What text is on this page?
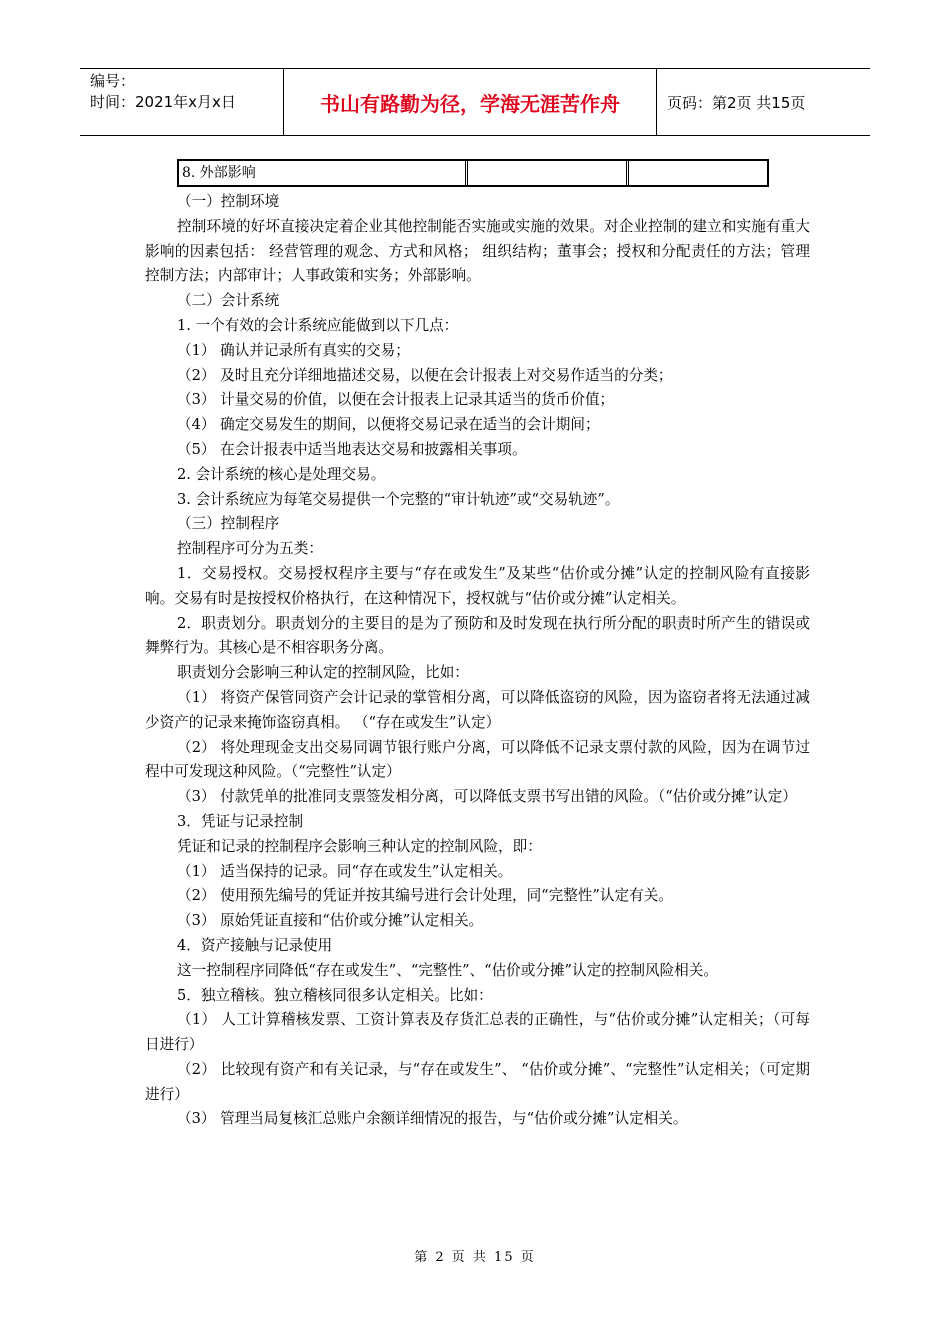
编号：
时间：2021年x月x日	书山有路勤为径，学海无涯苦作舟	页码：第2页 共15页
8. 外部影响

（一）控制环境

控制环境的好坏直接决定着企业其他控制能否实施或实施的效果。对企业控制的建立和实施有重大影响的因素包括： 经营管理的观念、方式和风格； 组织结构；董事会；授权和分配责任的方法；管理控制方法；内部审计；人事政策和实务；外部影响。

（二）会计系统

1. 一个有效的会计系统应能做到以下几点：

（1） 确认并记录所有真实的交易；

（2） 及时且充分详细地描述交易，以便在会计报表上对交易作适当的分类；

（3） 计量交易的价值，以便在会计报表上记录其适当的货币价值；

（4） 确定交易发生的期间，以便将交易记录在适当的会计期间；

（5） 在会计报表中适当地表达交易和披露相关事项。

2. 会计系统的核心是处理交易。

3. 会计系统应为每笔交易提供一个完整的“审计轨迹”或“交易轨迹”。

（三）控制程序

控制程序可分为五类：

1．交易授权。交易授权程序主要与“存在或发生”及某些“估价或分摊”认定的控制风险有直接影响。交易有时是按授权价格执行，在这种情况下，授权就与“估价或分摊”认定相关。

2．职责划分。职责划分的主要目的是为了预防和及时发现在执行所分配的职责时所产生的错误或舞弊行为。其核心是不相容职务分离。

职责划分会影响三种认定的控制风险，比如：

（1） 将资产保管同资产会计记录的掌管相分离，可以降低盗窃的风险，因为盗窃者将无法通过减少资产的记录来掩饰盗窃真相。 （“存在或发生”认定）

（2） 将处理现金支出交易同调节银行账户分离，可以降低不记录支票付款的风险，因为在调节过程中可发现这种风险。（“完整性”认定）

（3） 付款凭单的批准同支票签发相分离，可以降低支票书写出错的风险。（“估价或分摊”认定）

3．凭证与记录控制

凭证和记录的控制程序会影响三种认定的控制风险，即：

（1） 适当保持的记录。同“存在或发生”认定相关。

（2） 使用预先编号的凭证并按其编号进行会计处理，同“完整性”认定有关。

（3） 原始凭证直接和“估价或分摊”认定相关。

4．资产接触与记录使用

这一控制程序同降低“存在或发生”、“完整性”、“估价或分摊”认定的控制风险相关。

5．独立稽核。独立稽核同很多认定相关。比如：

（1） 人工计算稽核发票、工资计算表及存货汇总表的正确性，与“估价或分摊”认定相关；（可每日进行）

（2） 比较现有资产和有关记录，与“存在或发生”、 “估价或分摊”、“完整性”认定相关；（可定期进行）

（3） 管理当局复核汇总账户余额详细情况的报告，与“估价或分摊”认定相关。

第 2 页 共 15 页
